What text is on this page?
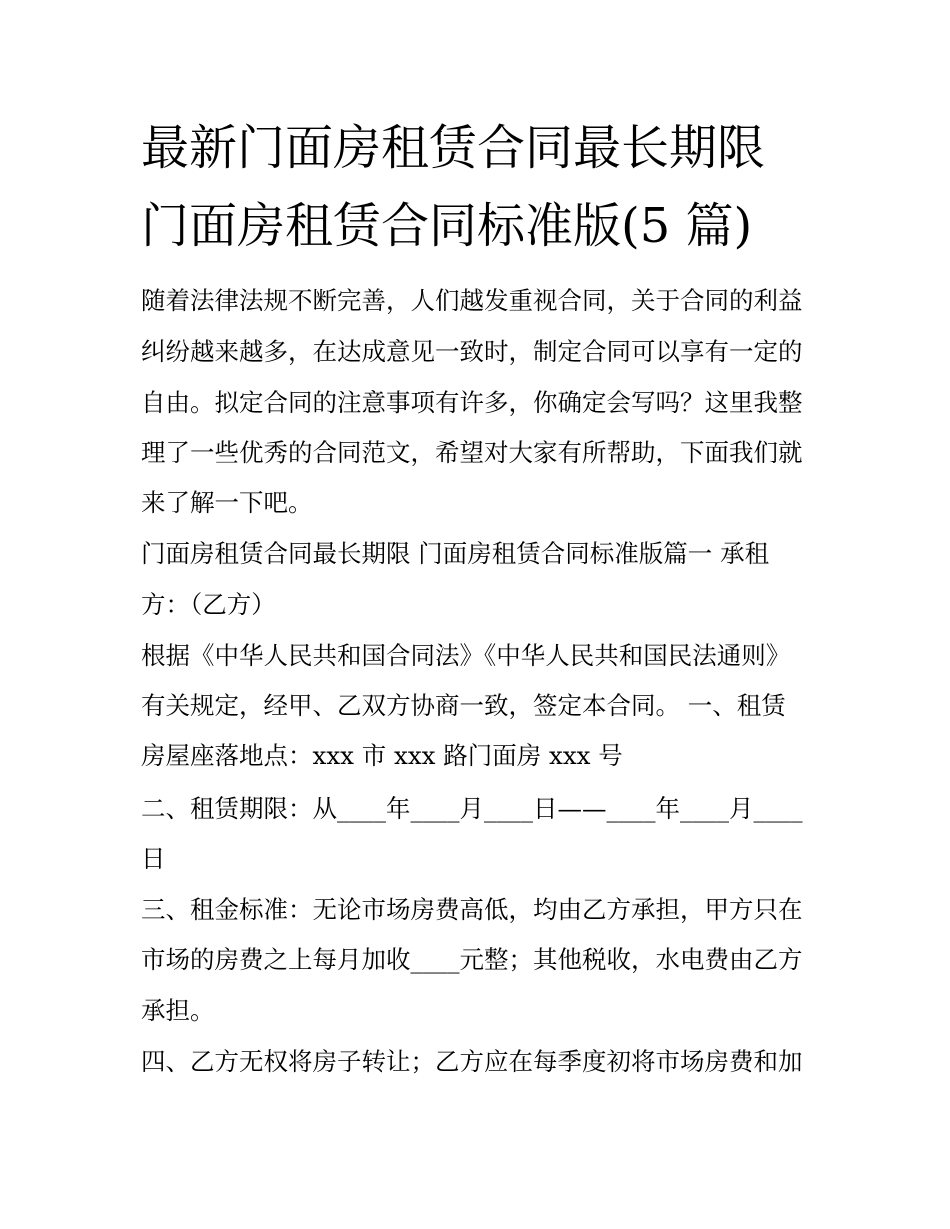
最新门面房租赁合同最长期限
门面房租赁合同标准版(5 篇)
随着法律法规不断完善，人们越发重视合同，关于合同的利益
纠纷越来越多，在达成意见一致时，制定合同可以享有一定的
自由。拟定合同的注意事项有许多，你确定会写吗？这里我整
理了一些优秀的合同范文，希望对大家有所帮助，下面我们就
来了解一下吧。
门面房租赁合同最长期限 门面房租赁合同标准版篇一 承租
方：（乙方）
根据《中华人民共和国合同法》《中华人民共和国民法通则》
有关规定，经甲、乙双方协商一致，签定本合同。 一、租赁
房屋座落地点：xxx 市 xxx 路门面房 xxx 号
二、租赁期限：从____年____月____日——____年____月____
日
三、租金标准：无论市场房费高低，均由乙方承担，甲方只在
市场的房费之上每月加收____元整；其他税收，水电费由乙方
承担。
四、乙方无权将房子转让；乙方应在每季度初将市场房费和加
